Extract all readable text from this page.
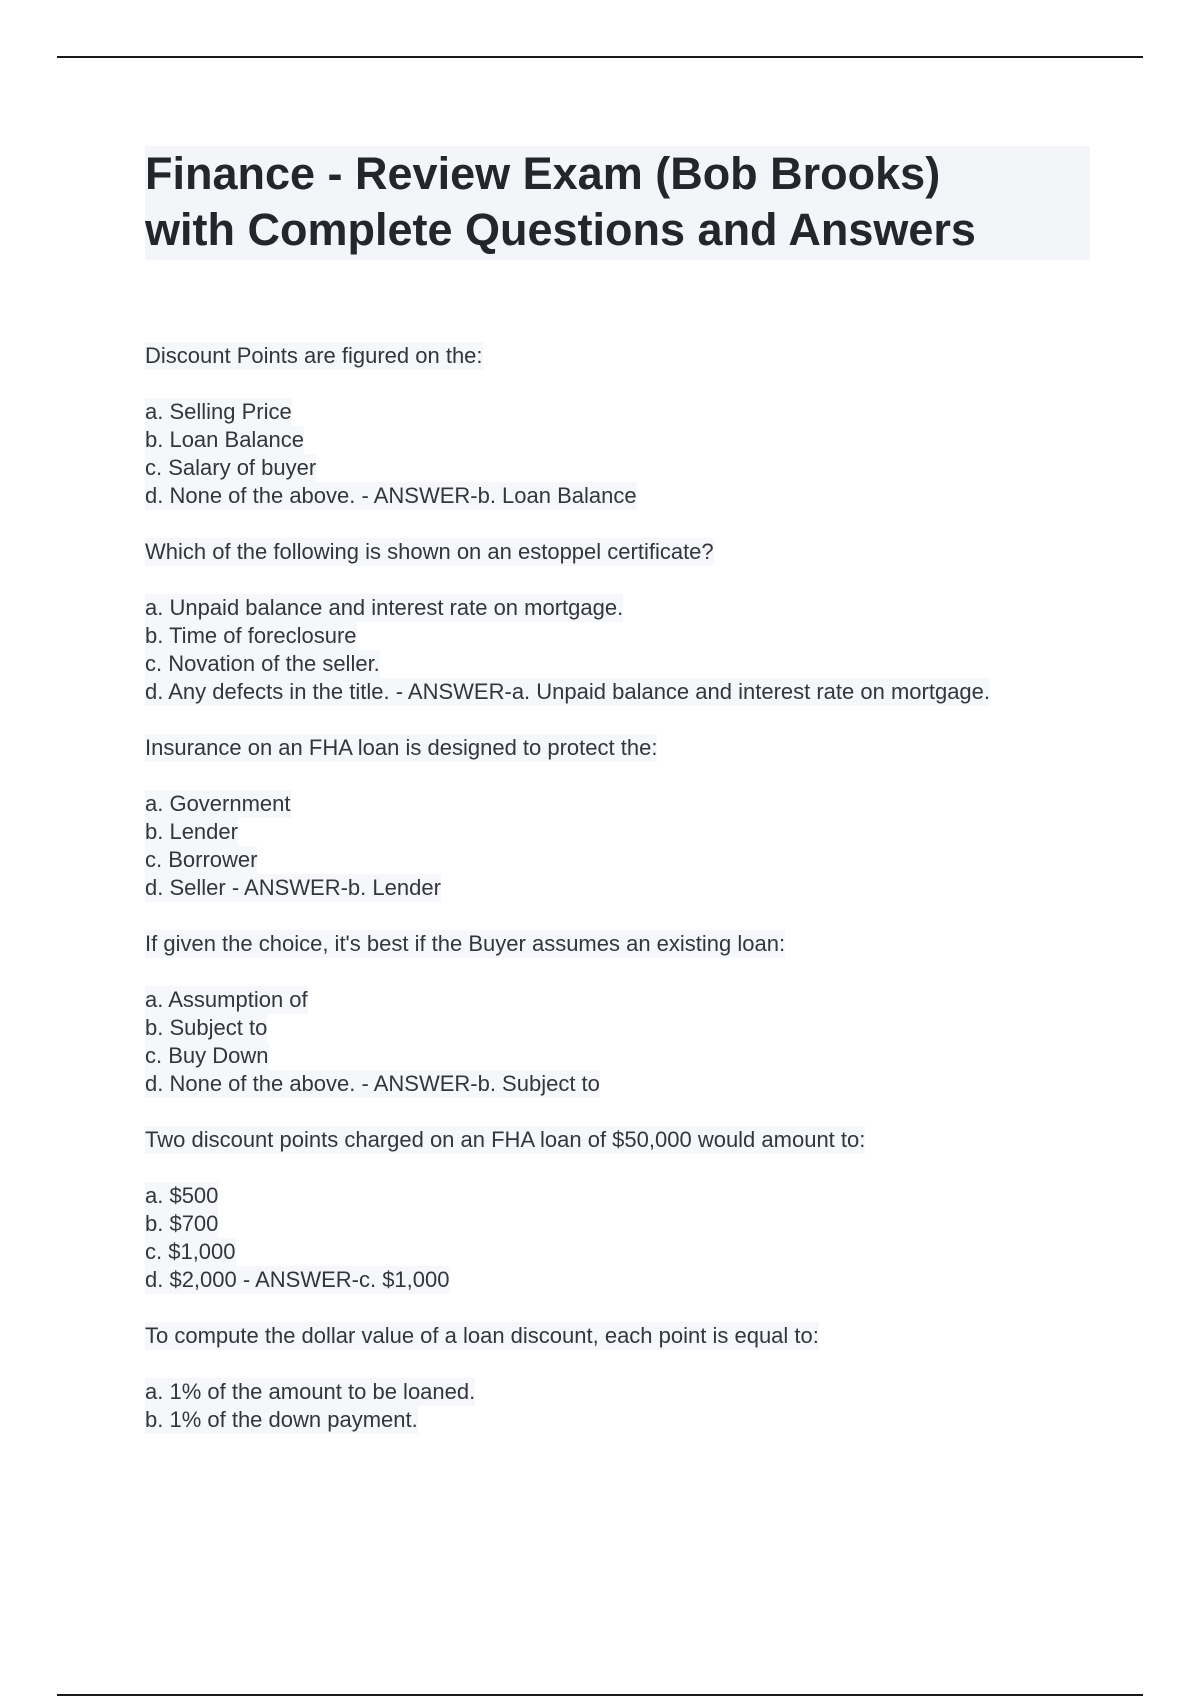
Finance - Review Exam (Bob Brooks)
with Complete Questions and Answers
Discount Points are figured on the:
a. Selling Price
b. Loan Balance
c. Salary of buyer
d. None of the above. - ANSWER-b. Loan Balance
Which of the following is shown on an estoppel certificate?
a. Unpaid balance and interest rate on mortgage.
b. Time of foreclosure
c. Novation of the seller.
d. Any defects in the title. - ANSWER-a. Unpaid balance and interest rate on mortgage.
Insurance on an FHA loan is designed to protect the:
a. Government
b. Lender
c. Borrower
d. Seller - ANSWER-b. Lender
If given the choice, it's best if the Buyer assumes an existing loan:
a. Assumption of
b. Subject to
c. Buy Down
d. None of the above. - ANSWER-b. Subject to
Two discount points charged on an FHA loan of $50,000 would amount to:
a. $500
b. $700
c. $1,000
d. $2,000 - ANSWER-c. $1,000
To compute the dollar value of a loan discount, each point is equal to:
a. 1% of the amount to be loaned.
b. 1% of the down payment.
